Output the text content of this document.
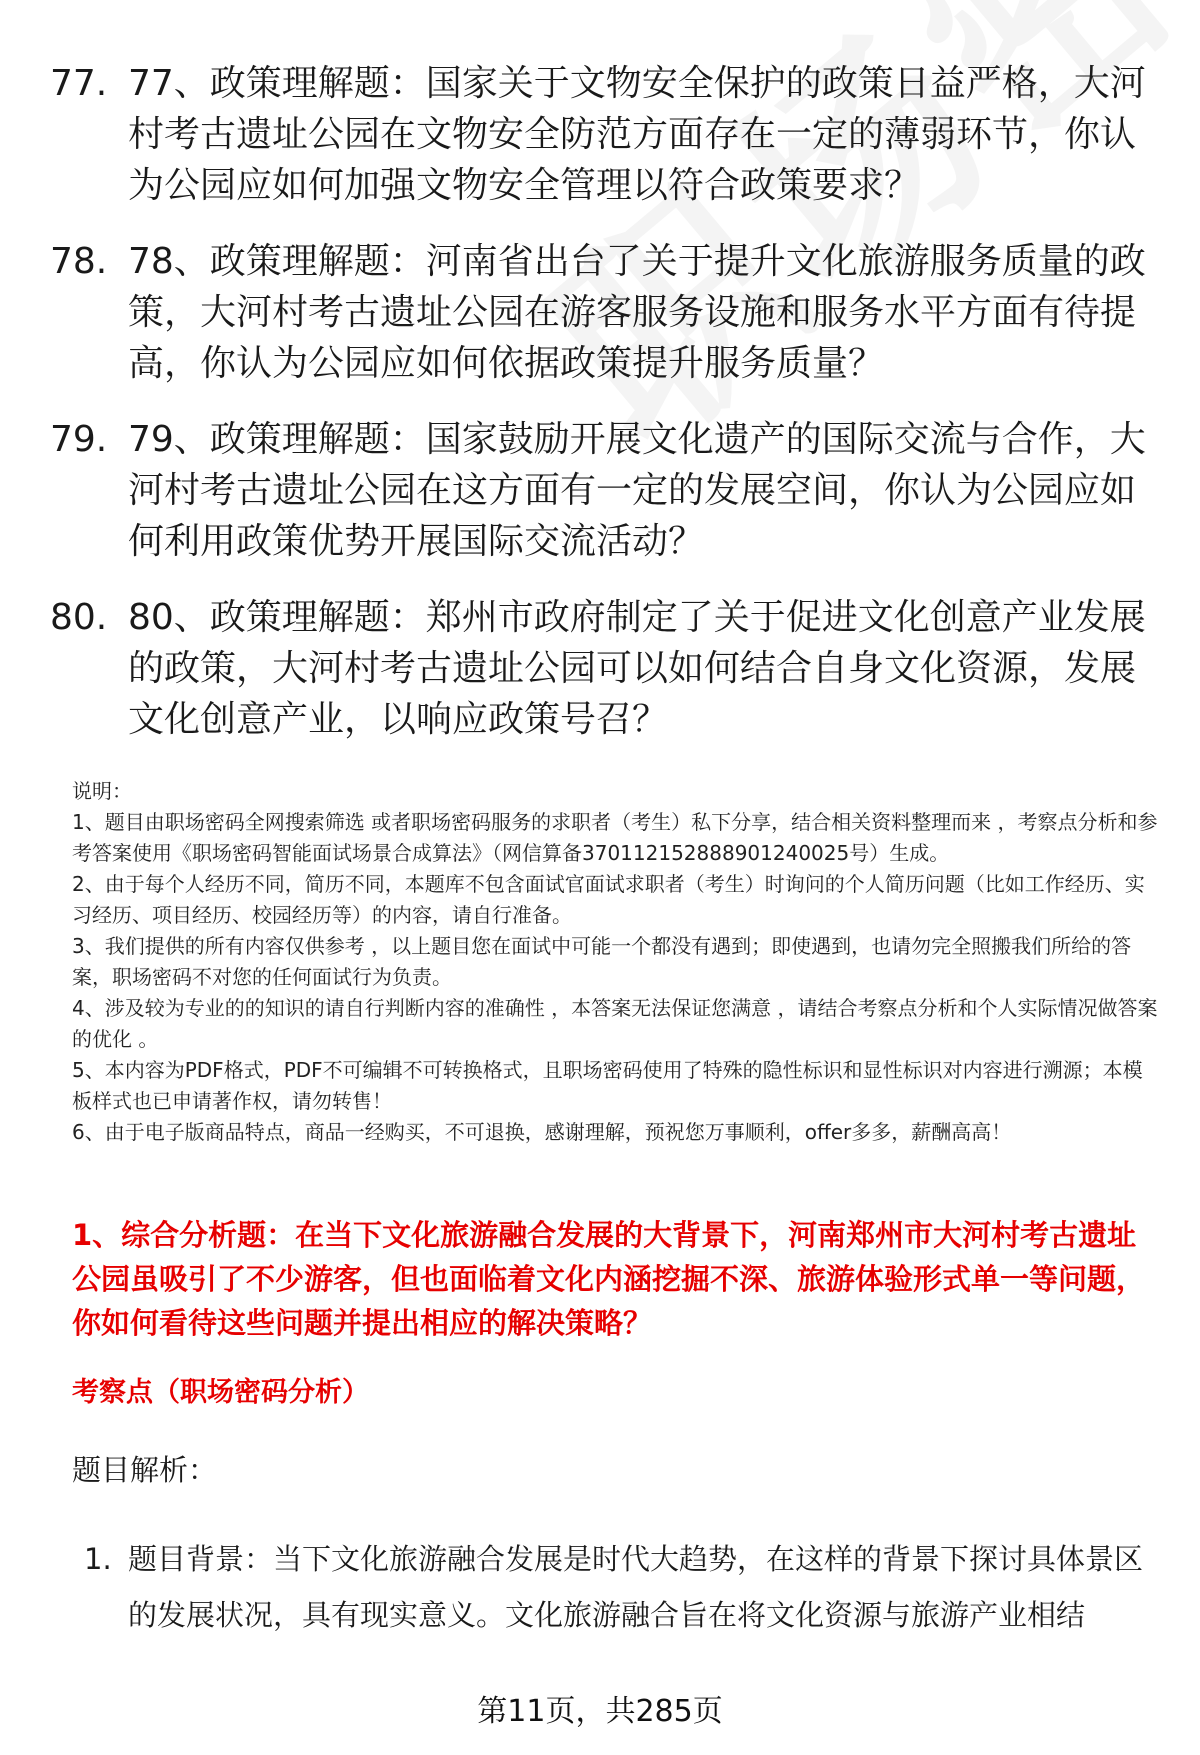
77. 77、政策理解题：国家关于文物安全保护的政策日益严格，大河村考古遗址公园在文物安全防范方面存在一定的薄弱环节，你认为公园应如何加强文物安全管理以符合政策要求？
78. 78、政策理解题：河南省出台了关于提升文化旅游服务质量的政策，大河村考古遗址公园在游客服务设施和服务水平方面有待提高，你认为公园应如何依据政策提升服务质量？
79. 79、政策理解题：国家鼓励开展文化遗产的国际交流与合作，大河村考古遗址公园在这方面有一定的发展空间，你认为公园应如何利用政策优势开展国际交流活动？
80. 80、政策理解题：郑州市政府制定了关于促进文化创意产业发展的政策，大河村考古遗址公园可以如何结合自身文化资源，发展文化创意产业，以响应政策号召？

说明：

1、题目由职场密码全网搜索筛选 或者职场密码服务的求职者（考生）私下分享，结合相关资料整理而来 ，考察点分析和参考答案使用《职场密码智能面试场景合成算法》（网信算备370112152888901240025号）生成。

2、由于每个人经历不同，简历不同，本题库不包含面试官面试求职者（考生）时询问的个人简历问题（比如工作经历、实习经历、项目经历、校园经历等）的内容，请自行准备。

3、我们提供的所有内容仅供参考 ，以上题目您在面试中可能一个都没有遇到；即使遇到，也请勿完全照搬我们所给的答案，职场密码不对您的任何面试行为负责。

4、涉及较为专业的的知识的请自行判断内容的准确性 ，本答案无法保证您满意 ，请结合考察点分析和个人实际情况做答案的优化 。

5、本内容为PDF格式，PDF不可编辑不可转换格式，且职场密码使用了特殊的隐性标识和显性标识对内容进行溯源；本模板样式也已申请著作权，请勿转售！

6、由于电子版商品特点，商品一经购买，不可退换，感谢理解，预祝您万事顺利，offer多多，薪酬高高！

1、综合分析题：在当下文化旅游融合发展的大背景下，河南郑州市大河村考古遗址公园虽吸引了不少游客，但也面临着文化内涵挖掘不深、旅游体验形式单一等问题，你如何看待这些问题并提出相应的解决策略？
考察点（职场密码分析）
题目解析：
1. 题目背景：当下文化旅游融合发展是时代大趋势，在这样的背景下探讨具体景区的发展状况，具有现实意义。文化旅游融合旨在将文化资源与旅游产业相结
第11页，共285页
